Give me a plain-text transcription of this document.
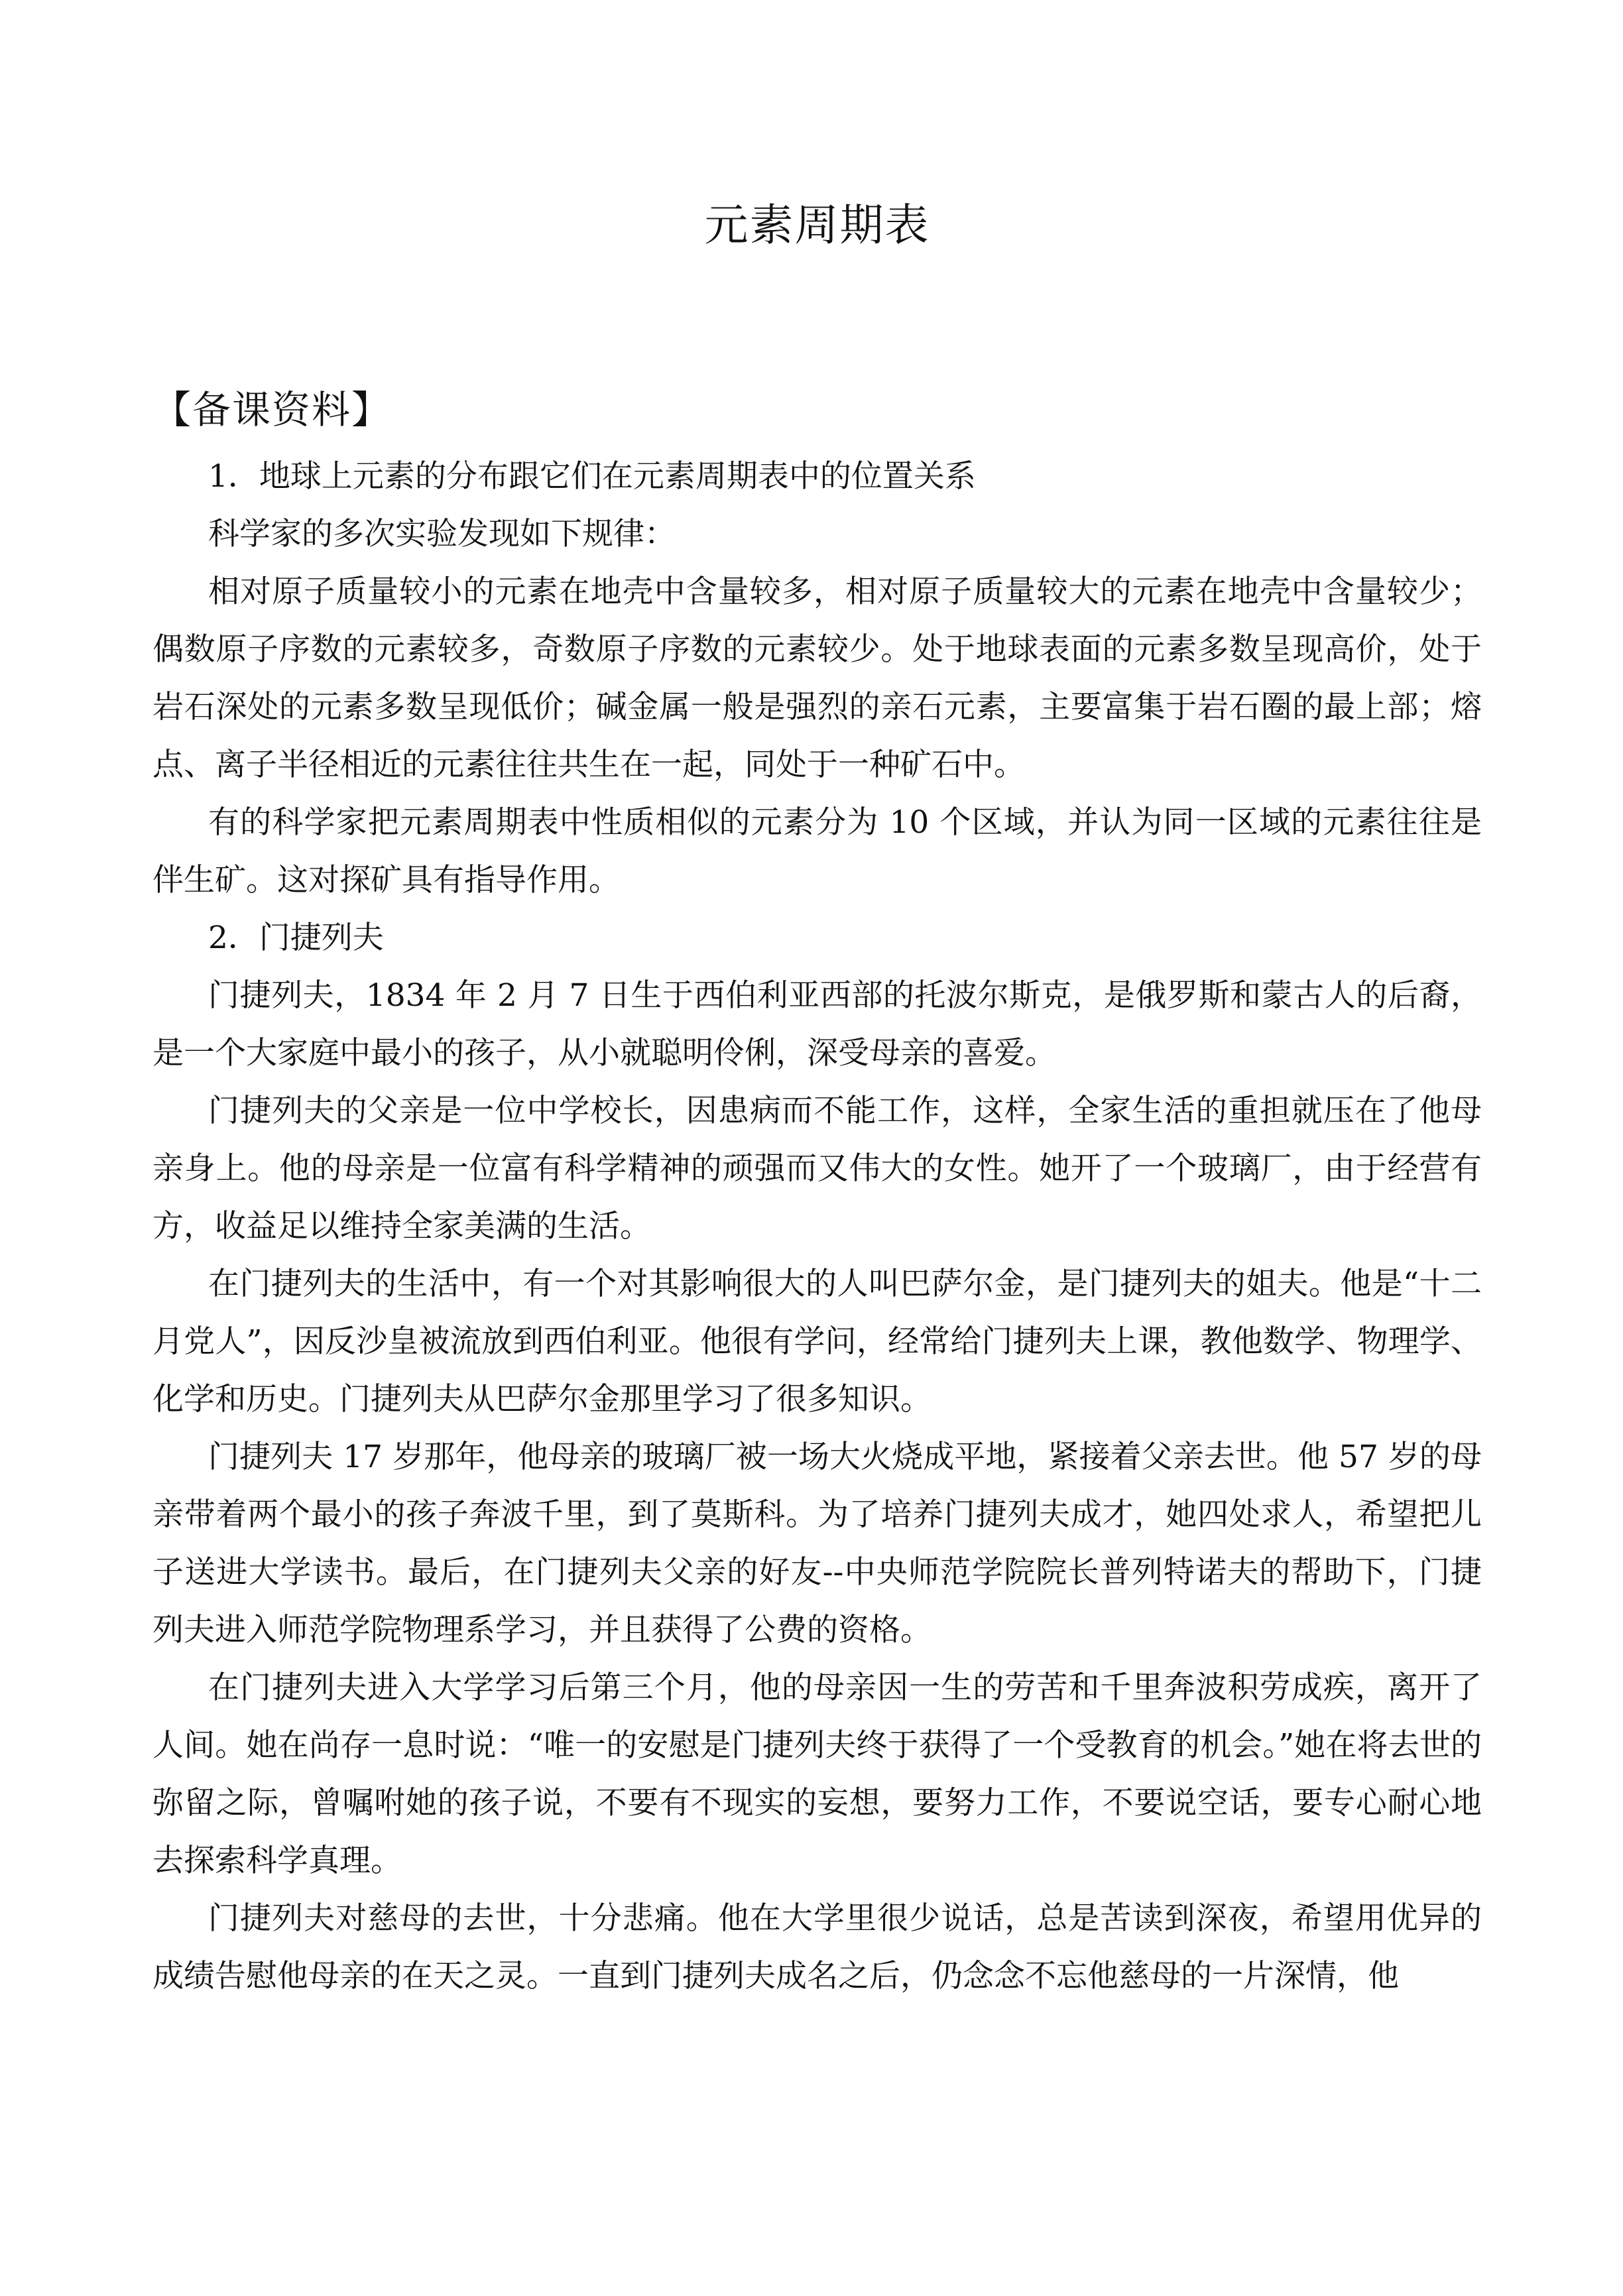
元素周期表
【备课资料】

1．地球上元素的分布跟它们在元素周期表中的位置关系

科学家的多次实验发现如下规律：

相对原子质量较小的元素在地壳中含量较多，相对原子质量较大的元素在地壳中含量较少；偶数原子序数的元素较多，奇数原子序数的元素较少。处于地球表面的元素多数呈现高价，处于岩石深处的元素多数呈现低价；碱金属一般是强烈的亲石元素，主要富集于岩石圈的最上部；熔点、离子半径相近的元素往往共生在一起，同处于一种矿石中。

有的科学家把元素周期表中性质相似的元素分为 10 个区域，并认为同一区域的元素往往是伴生矿。这对探矿具有指导作用。

2．门捷列夫

门捷列夫，1834 年 2 月 7 日生于西伯利亚西部的托波尔斯克，是俄罗斯和蒙古人的后裔，是一个大家庭中最小的孩子，从小就聪明伶俐，深受母亲的喜爱。

门捷列夫的父亲是一位中学校长，因患病而不能工作，这样，全家生活的重担就压在了他母亲身上。他的母亲是一位富有科学精神的顽强而又伟大的女性。她开了一个玻璃厂，由于经营有方，收益足以维持全家美满的生活。

在门捷列夫的生活中，有一个对其影响很大的人叫巴萨尔金，是门捷列夫的姐夫。他是“十二月党人”，因反沙皇被流放到西伯利亚。他很有学问，经常给门捷列夫上课，教他数学、物理学、化学和历史。门捷列夫从巴萨尔金那里学习了很多知识。

门捷列夫 17 岁那年，他母亲的玻璃厂被一场大火烧成平地，紧接着父亲去世。他 57 岁的母亲带着两个最小的孩子奔波千里，到了莫斯科。为了培养门捷列夫成才，她四处求人，希望把儿子送进大学读书。最后，在门捷列夫父亲的好友--中央师范学院院长普列特诺夫的帮助下，门捷列夫进入师范学院物理系学习，并且获得了公费的资格。

在门捷列夫进入大学学习后第三个月，他的母亲因一生的劳苦和千里奔波积劳成疾，离开了人间。她在尚存一息时说：“唯一的安慰是门捷列夫终于获得了一个受教育的机会。”她在将去世的弥留之际，曾嘱咐她的孩子说，不要有不现实的妄想，要努力工作，不要说空话，要专心耐心地去探索科学真理。

门捷列夫对慈母的去世，十分悲痛。他在大学里很少说话，总是苦读到深夜，希望用优异的成绩告慰他母亲的在天之灵。一直到门捷列夫成名之后，仍念念不忘他慈母的一片深情，他
